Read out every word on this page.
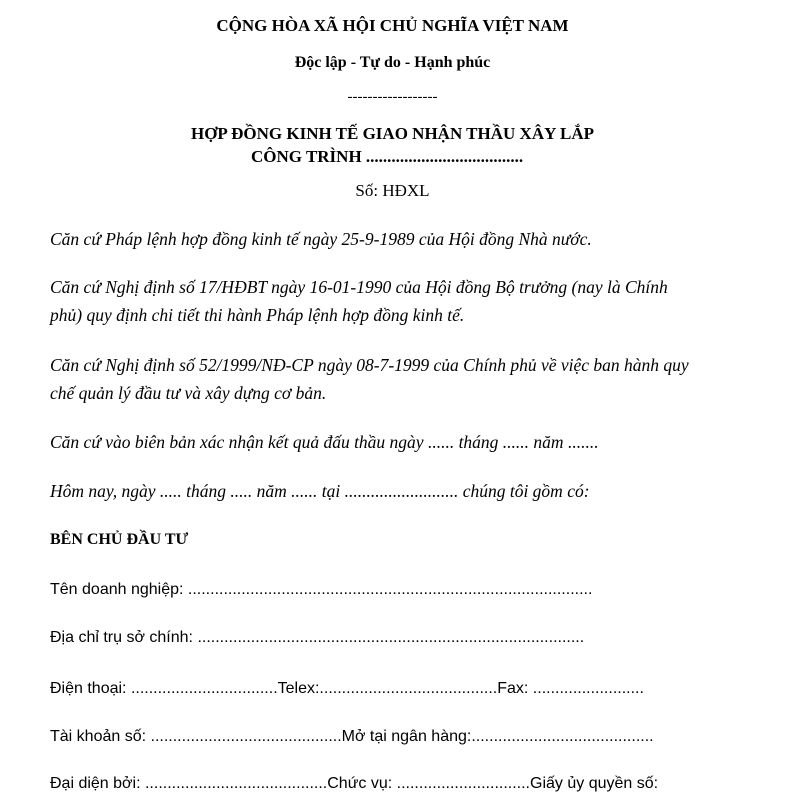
CỘNG HÒA XÃ HỘI CHỦ NGHĨA VIỆT NAM
Độc lập - Tự do - Hạnh phúc
------------------
HỢP ĐỒNG KINH TẾ GIAO NHẬN THẦU XÂY LẮP
CÔNG TRÌNH .....................................
Số: HĐXL
Căn cứ Pháp lệnh hợp đồng kinh tế ngày 25-9-1989 của Hội đồng Nhà nước.
Căn cứ Nghị định số 17/HĐBT ngày 16-01-1990 của Hội đồng Bộ trưởng (nay là Chính
phủ) quy định chi tiết thi hành Pháp lệnh hợp đồng kinh tế.
Căn cứ Nghị định số 52/1999/NĐ-CP ngày 08-7-1999 của Chính phủ về việc ban hành quy
chế quản lý đầu tư và xây dựng cơ bản.
Căn cứ vào biên bản xác nhận kết quả đấu thầu ngày ...... tháng ...... năm .......
Hôm nay, ngày ..... tháng ..... năm ...... tại .......................... chúng tôi gồm có:
BÊN CHỦ ĐẦU TƯ
Tên doanh nghiệp: ...........................................................................................
Địa chỉ trụ sở chính: .......................................................................................
Điện thoại: .................................Telex:........................................Fax: .........................
Tài khoản số: ...........................................Mở tại ngân hàng:.........................................
Đại diện bởi: .........................................Chức vụ: ..............................Giấy ủy quyền số:
